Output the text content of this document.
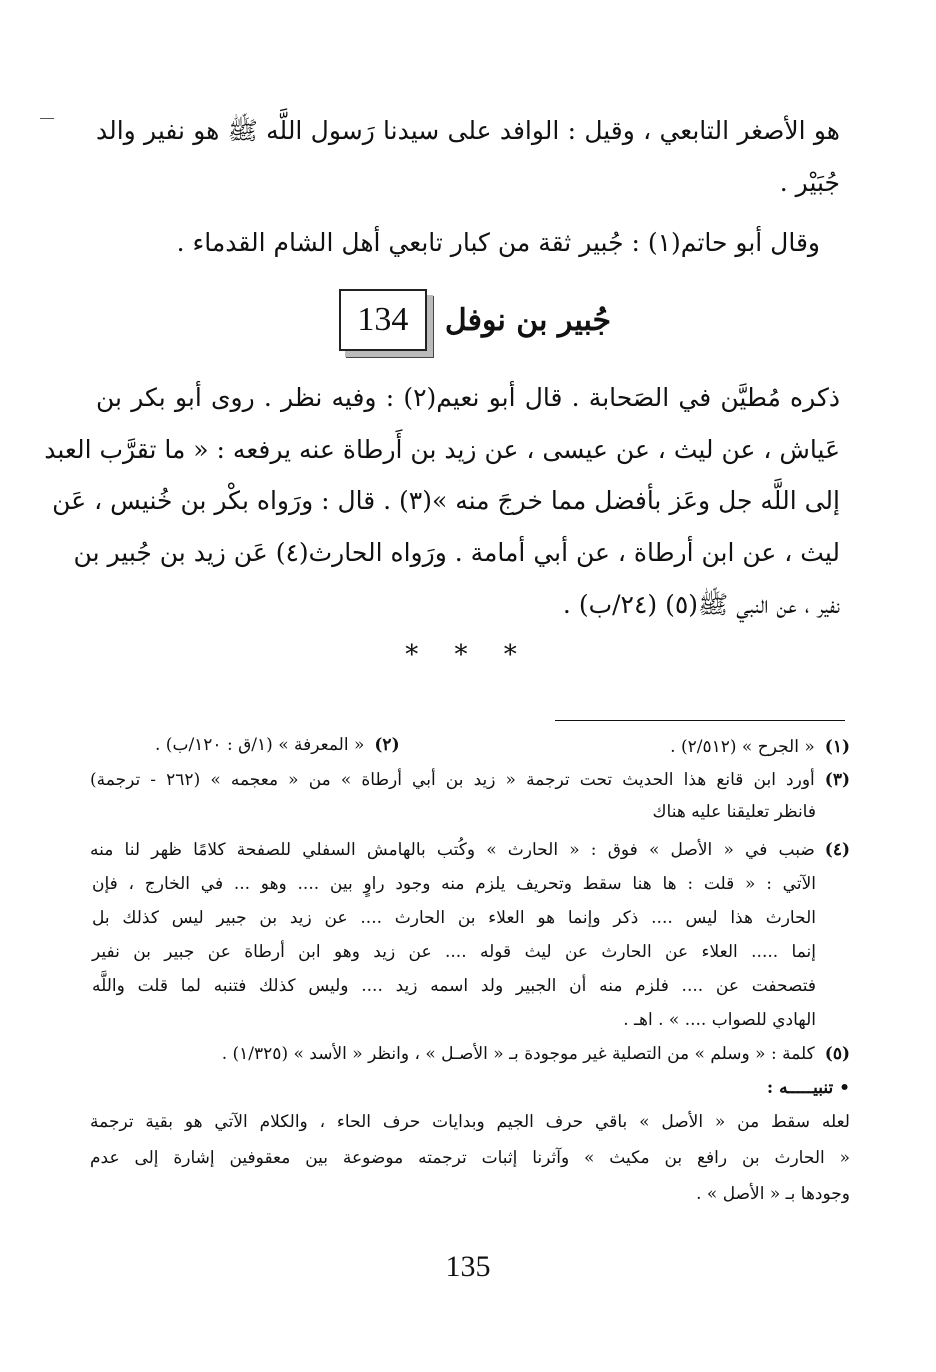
هو الأصغر التابعي ، وقيل : الوافد على سيدنا رَسول اللَّه ﷺ هو نفير والد
جُبَيْر .
وقال أبو حاتم(١) : جُبير ثقة من كبار تابعي أهل الشام القدماء .
134 جُبير بن نوفل
ذكره مُطيَّن في الصَحابة . قال أبو نعيم(٢) : وفيه نظر . روى أبو بكر بن
عَياش ، عن ليث ، عن عيسى ، عن زيد بن أَرطاة عنه يرفعه : « ما تقرَّب العبد
إلى اللَّه جل وعَز بأفضل مما خرجَ منه »(٣) . قال : ورَواه بكْر بن خُنيس ، عَن
ليث ، عن ابن أرطاة ، عن أبي أمامة . ورَواه الحارث(٤) عَن زيد بن جُبير بن
نفير ، عن النبي ﷺ(٥) (٢٤/ب) .
* * *
(١)« الجرح » (٢/٥١٢) .
(٢)« المعرفة » (١/ق : ١٢٠/ب) .
(٣)أورد ابن قانع هذا الحديث تحت ترجمة « زيد بن أبي أرطاة » من « معجمه » (٢٦٢ - ترجمة)
فانظر تعليقنا عليه هناك
(٤)ضبب في « الأصل » فوق : « الحارث » وكُتب بالهامش السفلي للصفحة كلامًا ظهر لنا منه
الآتي : « قلت : ها هنا سقط وتحريف يلزم منه وجود راوٍ بين .... وهو ... في الخارج ، فإن
الحارث هذا ليس .... ذكر وإنما هو العلاء بن الحارث .... عن زيد بن جبير ليس كذلك بل
إنما ..... العلاء عن الحارث عن ليث قوله .... عن زيد وهو ابن أرطاة عن جبير بن نفير
فتصحفت عن .... فلزم منه أن الجبير ولد اسمه زيد .... وليس كذلك فتنبه لما قلت واللَّه
الهادي للصواب .... » . اهـ .
(٥)كلمة : « وسلم » من التصلية غير موجودة بـ « الأصـل » ، وانظر « الأسد » (١/٣٢٥) .
• تنبيـــــه :
لعله سقط من « الأصل » باقي حرف الجيم وبدايات حرف الحاء ، والكلام الآتي هو بقية ترجمة
« الحارث بن رافع بن مكيث » وآثرنا إثبات ترجمته موضوعة بين معقوفين إشارة إلى عدم
وجودها بـ « الأصل » .
135
